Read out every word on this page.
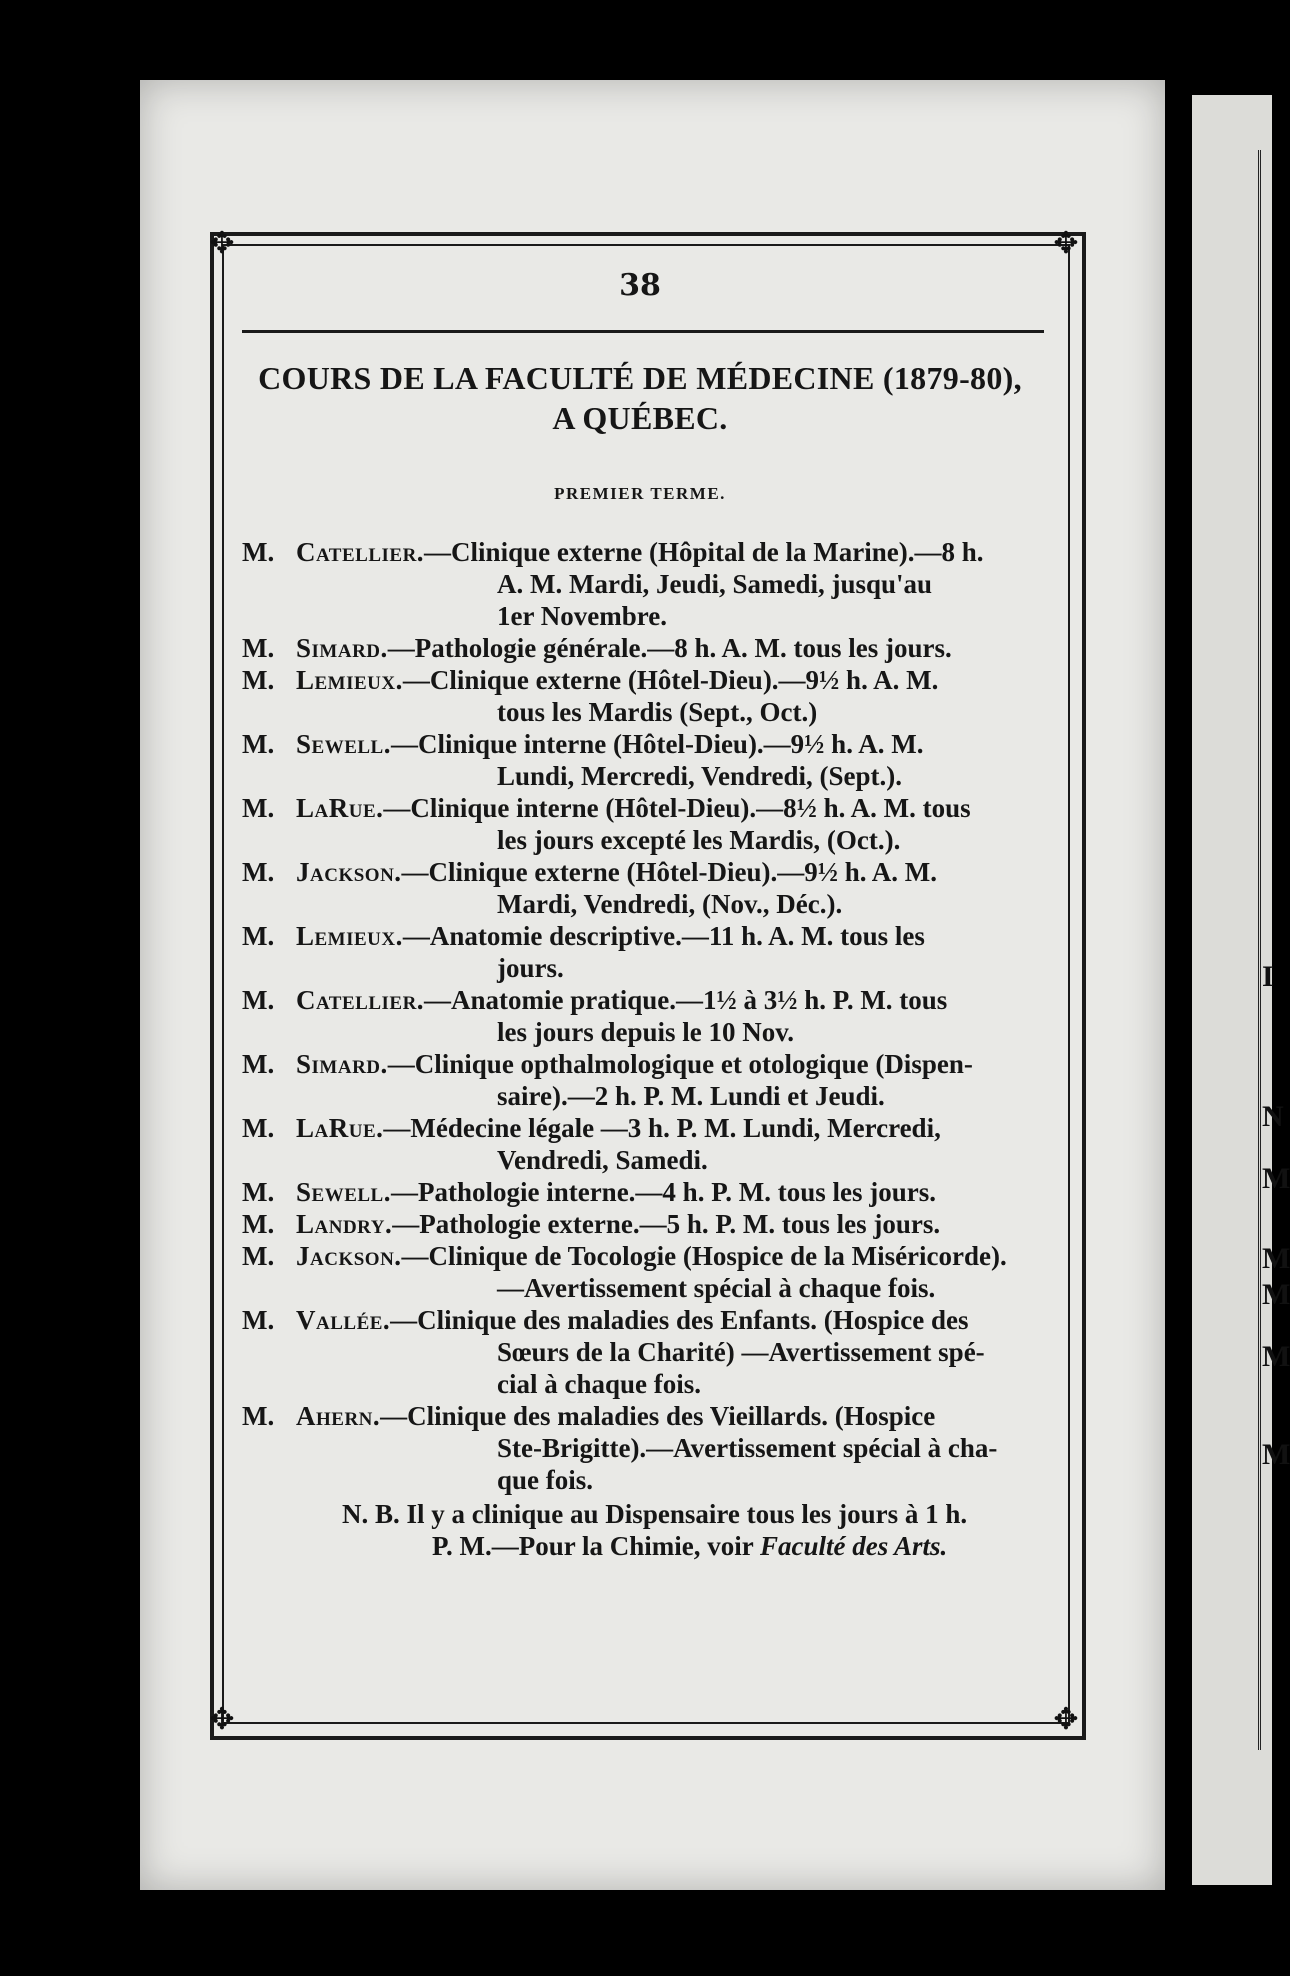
I
N
M
M
M
M
M
✥	✥
✥	✥
38
COURS DE LA FACULTÉ DE MÉDECINE (1879-80),
A QUÉBEC.
PREMIER TERME.
M. Catellier.—Clinique externe (Hôpital de la Marine).—8 h.
A. M. Mardi, Jeudi, Samedi, jusqu'au
1er Novembre.
M. Simard.—Pathologie générale.—8 h. A. M. tous les jours.
M. Lemieux.—Clinique externe (Hôtel-Dieu).—9½ h. A. M.
tous les Mardis (Sept., Oct.)
M. Sewell.—Clinique interne (Hôtel-Dieu).—9½ h. A. M.
Lundi, Mercredi, Vendredi, (Sept.).
M. LaRue.—Clinique interne (Hôtel-Dieu).—8½ h. A. M. tous
les jours excepté les Mardis, (Oct.).
M. Jackson.—Clinique externe (Hôtel-Dieu).—9½ h. A. M.
Mardi, Vendredi, (Nov., Déc.).
M. Lemieux.—Anatomie descriptive.—11 h. A. M. tous les
jours.
M. Catellier.—Anatomie pratique.—1½ à 3½ h. P. M. tous
les jours depuis le 10 Nov.
M. Simard.—Clinique opthalmologique et otologique (Dispen-
saire).—2 h. P. M. Lundi et Jeudi.
M. LaRue.—Médecine légale —3 h. P. M. Lundi, Mercredi,
Vendredi, Samedi.
M. Sewell.—Pathologie interne.—4 h. P. M. tous les jours.
M. Landry.—Pathologie externe.—5 h. P. M. tous les jours.
M. Jackson.—Clinique de Tocologie (Hospice de la Miséricorde).
—Avertissement spécial à chaque fois.
M. Vallée.—Clinique des maladies des Enfants. (Hospice des
Sœurs de la Charité) —Avertissement spé-
cial à chaque fois.
M. Ahern.—Clinique des maladies des Vieillards. (Hospice
Ste-Brigitte).—Avertissement spécial à cha-
que fois.
N. B. Il y a clinique au Dispensaire tous les jours à 1 h.
P. M.—Pour la Chimie, voir Faculté des Arts.
